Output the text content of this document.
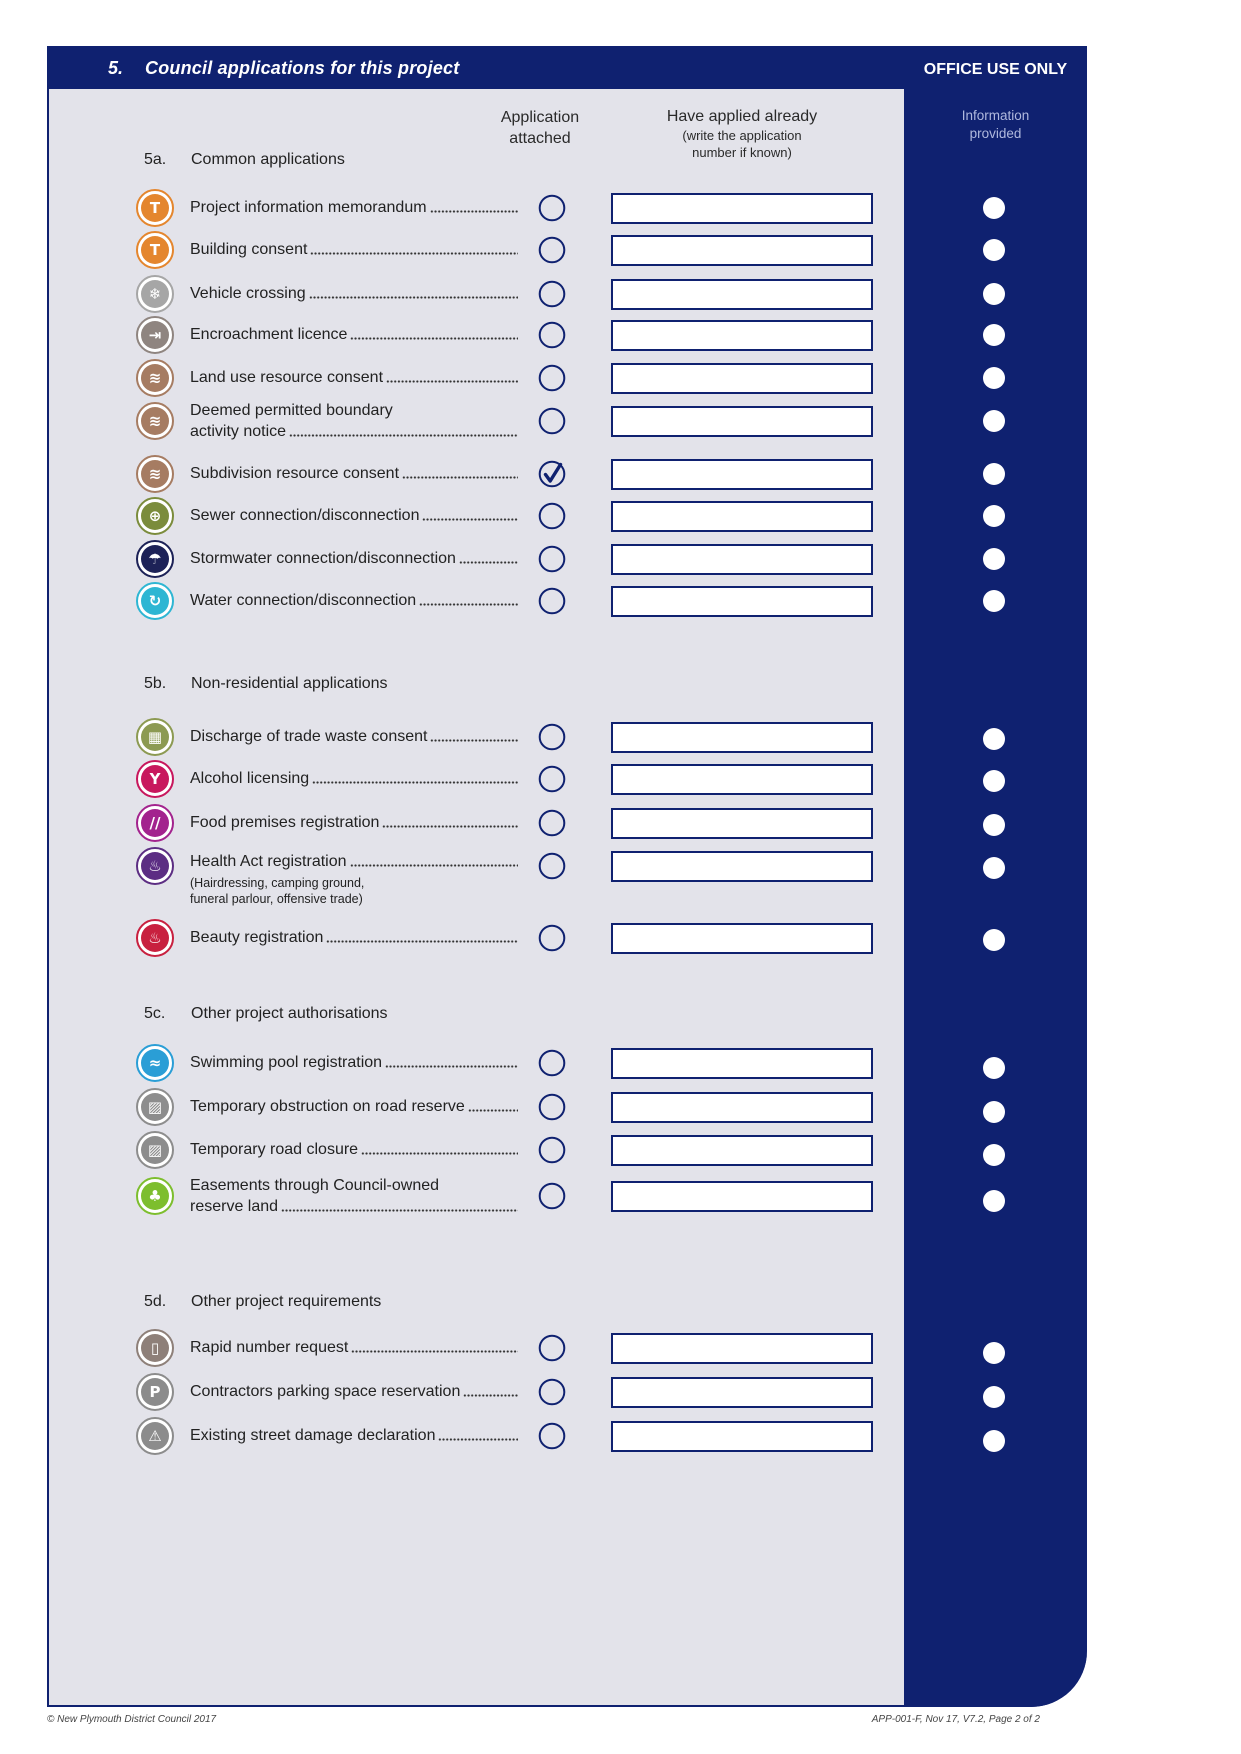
5. Council applications for this project	OFFICE USE ONLY
Application
attached
Have applied already
(write the application
number if known)
Information
provided
© New Plymouth District Council 2017	APP-001-F, Nov 17, V7.2, Page 2 of 2
5a. Common applications
T	Project information memorandum
T	Building consent
❄	Vehicle crossing
⇥	Encroachment licence
≋	Land use resource consent
≋
Deemed permitted boundary
activity notice
≋	Subdivision resource consent
⊕	Sewer connection/disconnection
☂	Stormwater connection/disconnection
↻	Water connection/disconnection
5b. Non-residential applications
▦	Discharge of trade waste consent
Y	Alcohol licensing
//	Food premises registration
♨	Health Act registration
(Hairdressing, camping ground,
funeral parlour, offensive trade)
♨	Beauty registration
5c. Other project authorisations
≈	Swimming pool registration
▨	Temporary obstruction on road reserve
▨	Temporary road closure
♣
Easements through Council-owned
reserve land
5d. Other project requirements
▯	Rapid number request
P	Contractors parking space reservation
⚠	Existing street damage declaration
